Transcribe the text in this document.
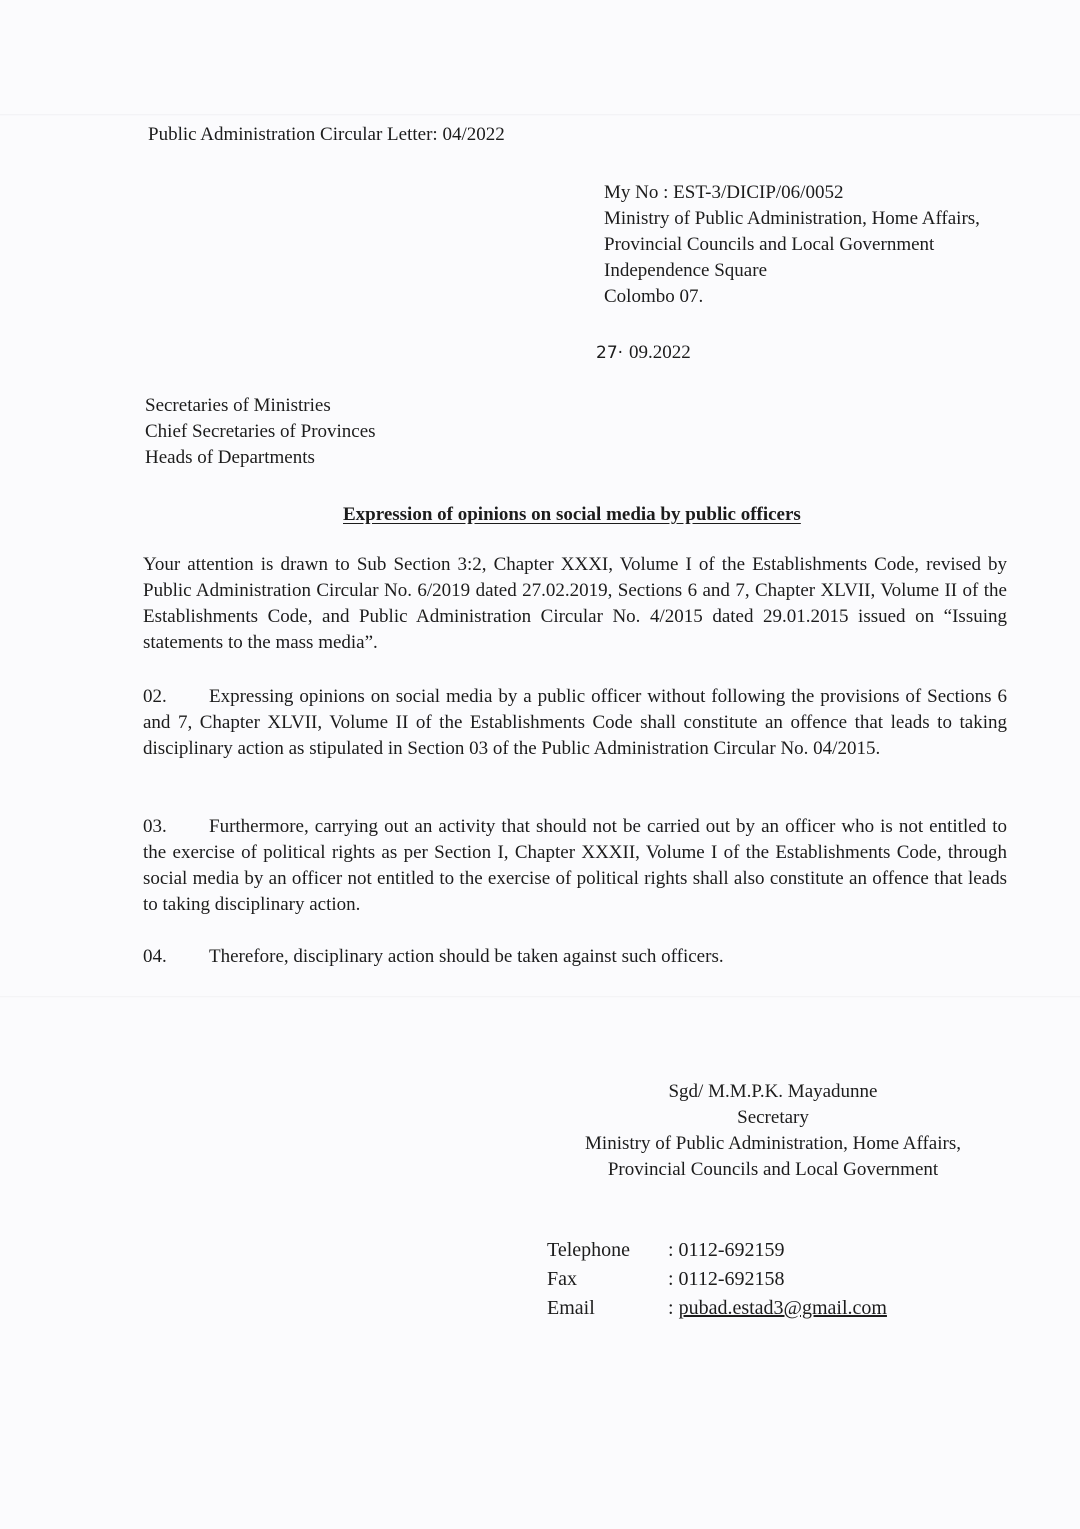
Public Administration Circular Letter: 04/2022
My No : EST-3/DICIP/06/0052
Ministry of Public Administration, Home Affairs,
Provincial Councils and Local Government
Independence Square
Colombo 07.
27· 09.2022
Secretaries of Ministries
Chief Secretaries of Provinces
Heads of Departments
Expression of opinions on social media by public officers
Your attention is drawn to Sub Section 3:2, Chapter XXXI, Volume I of the Establishments Code, revised by Public Administration Circular No. 6/2019 dated 27.02.2019, Sections 6 and 7, Chapter XLVII, Volume II of the Establishments Code, and Public Administration Circular No. 4/2015 dated 29.01.2015 issued on “Issuing statements to the mass media”.
02. Expressing opinions on social media by a public officer without following the provisions of Sections 6 and 7, Chapter XLVII, Volume II of the Establishments Code shall constitute an offence that leads to taking disciplinary action as stipulated in Section 03 of the Public Administration Circular No. 04/2015.
03. Furthermore, carrying out an activity that should not be carried out by an officer who is not entitled to the exercise of political rights as per Section I, Chapter XXXII, Volume I of the Establishments Code, through social media by an officer not entitled to the exercise of political rights shall also constitute an offence that leads to taking disciplinary action.
04. Therefore, disciplinary action should be taken against such officers.
Sgd/ M.M.P.K. Mayadunne
Secretary
Ministry of Public Administration, Home Affairs,
Provincial Councils and Local Government
Telephone	: 0112-692159
Fax	: 0112-692158
Email	: pubad.estad3@gmail.com
